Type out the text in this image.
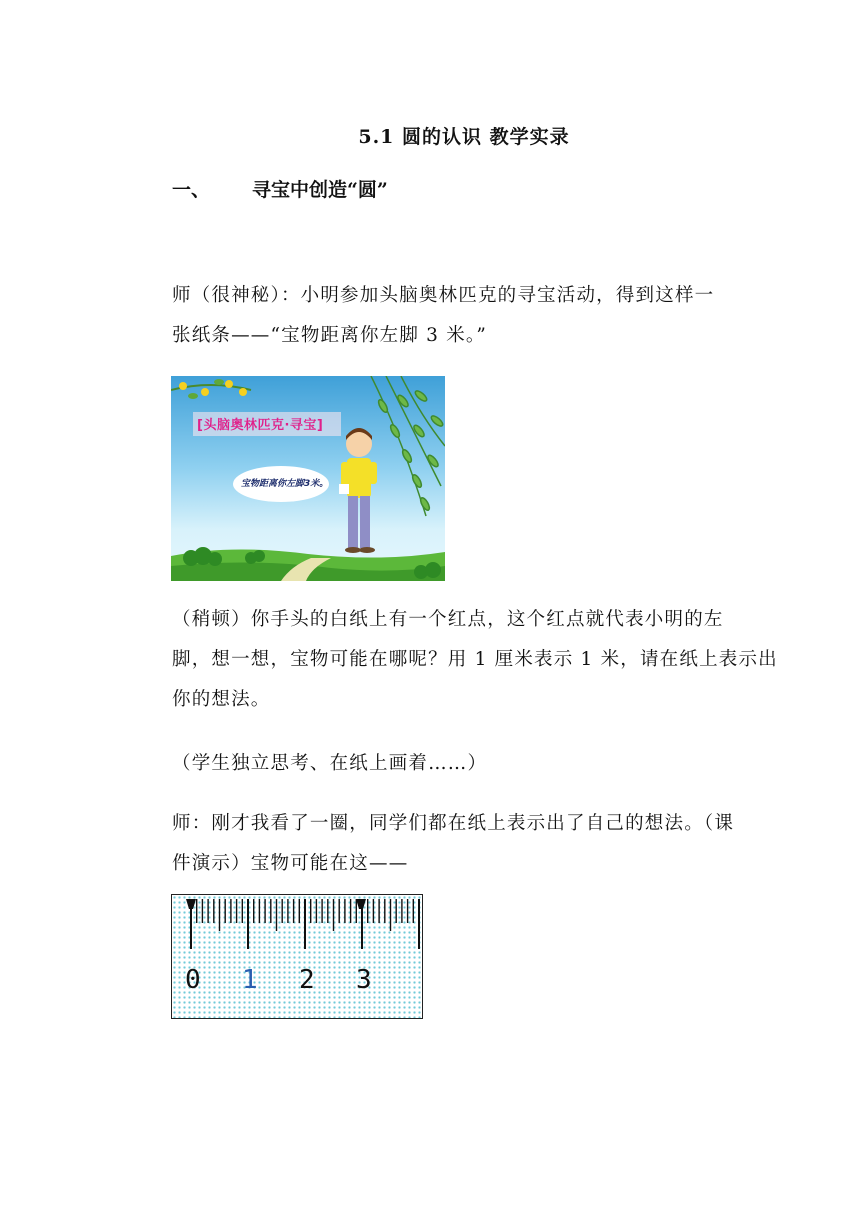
5.1 圆的认识 教学实录
一、 寻宝中创造“圆”
师（很神秘）：小明参加头脑奥林匹克的寻宝活动，得到这样一
张纸条——“宝物距离你左脚 3 米。”
[头脑奥林匹克·寻宝]
宝物距离你左脚3米。
（稍顿）你手头的白纸上有一个红点，这个红点就代表小明的左
脚，想一想，宝物可能在哪呢？用 1 厘米表示 1 米，请在纸上表示出
你的想法。
（学生独立思考、在纸上画着……）
师：刚才我看了一圈，同学们都在纸上表示出了自己的想法。（课
件演示）宝物可能在这——
0 1 2 3
